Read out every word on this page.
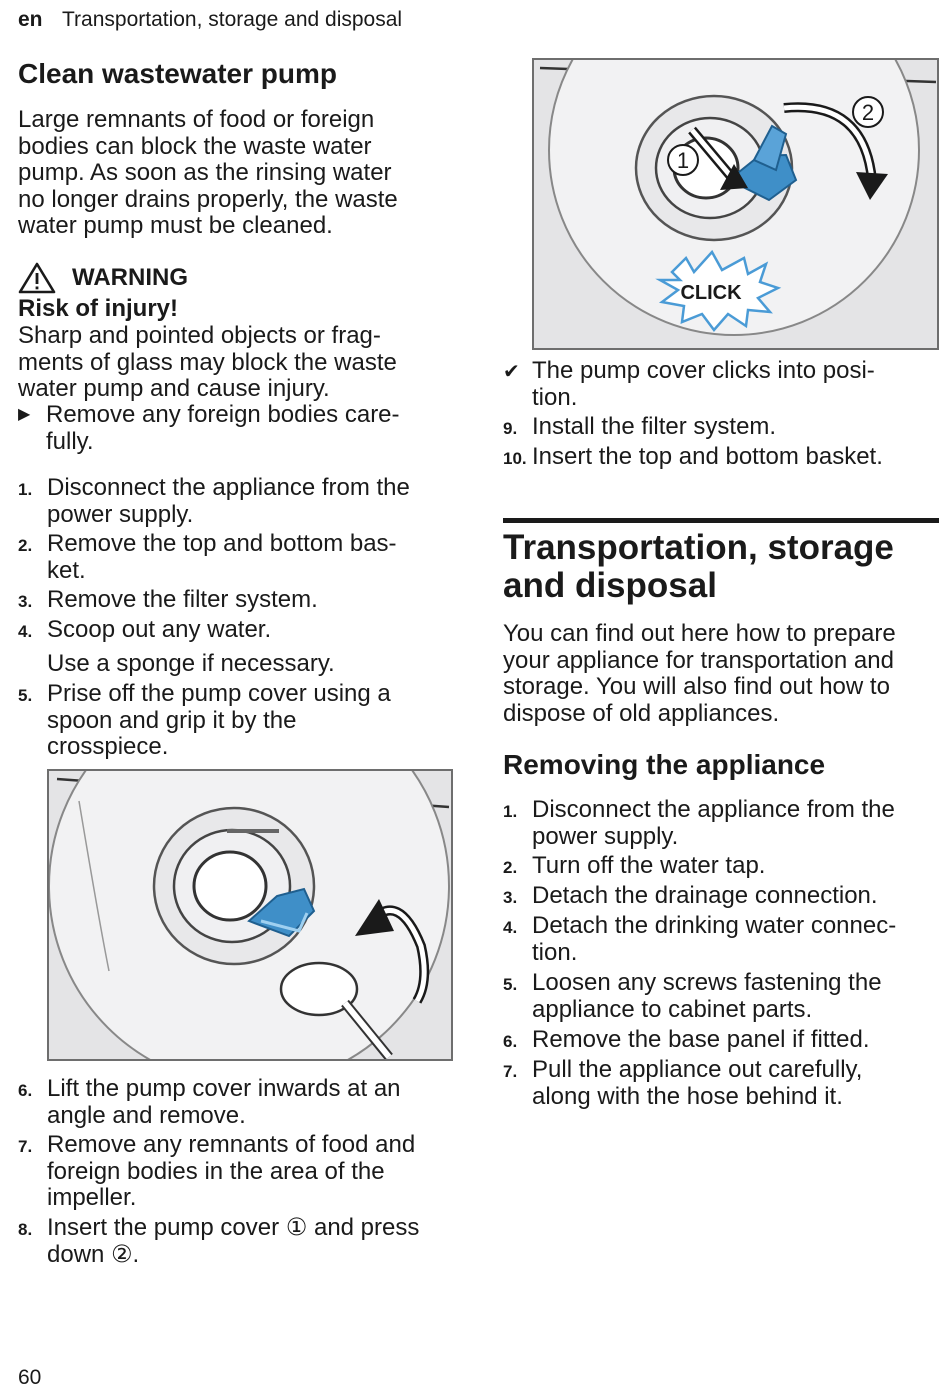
en Transportation, storage and disposal
Clean wastewater pump

Large remnants of food or foreign
bodies can block the waste water
pump. As soon as the rinsing water
no longer drains properly, the waste
water pump must be cleaned.

WARNING
Risk of injury!

Sharp and pointed objects or frag-
ments of glass may block the waste
water pump and cause injury.

▶ Remove any foreign bodies care-
fully.
1. Disconnect the appliance from the
power supply.
2. Remove the top and bottom bas-
ket.
3. Remove the filter system.
4. Scoop out any water.
Use a sponge if necessary.
5. Prise off the pump cover using a
spoon and grip it by the
crosspiece.
6. Lift the pump cover inwards at an
angle and remove.
7. Remove any remnants of food and
foreign bodies in the area of the
impeller.
8. Insert the pump cover ① and press
down ②.
1
2
CLICK
✔ The pump cover clicks into posi-
tion.
9. Install the filter system.
10. Insert the top and bottom basket.
Transportation, storage
and disposal

You can find out here how to prepare
your appliance for transportation and
storage. You will also find out how to
dispose of old appliances.

Removing the appliance
1. Disconnect the appliance from the
power supply.
2. Turn off the water tap.
3. Detach the drainage connection.
4. Detach the drinking water connec-
tion.
5. Loosen any screws fastening the
appliance to cabinet parts.
6. Remove the base panel if fitted.
7. Pull the appliance out carefully,
along with the hose behind it.
60
